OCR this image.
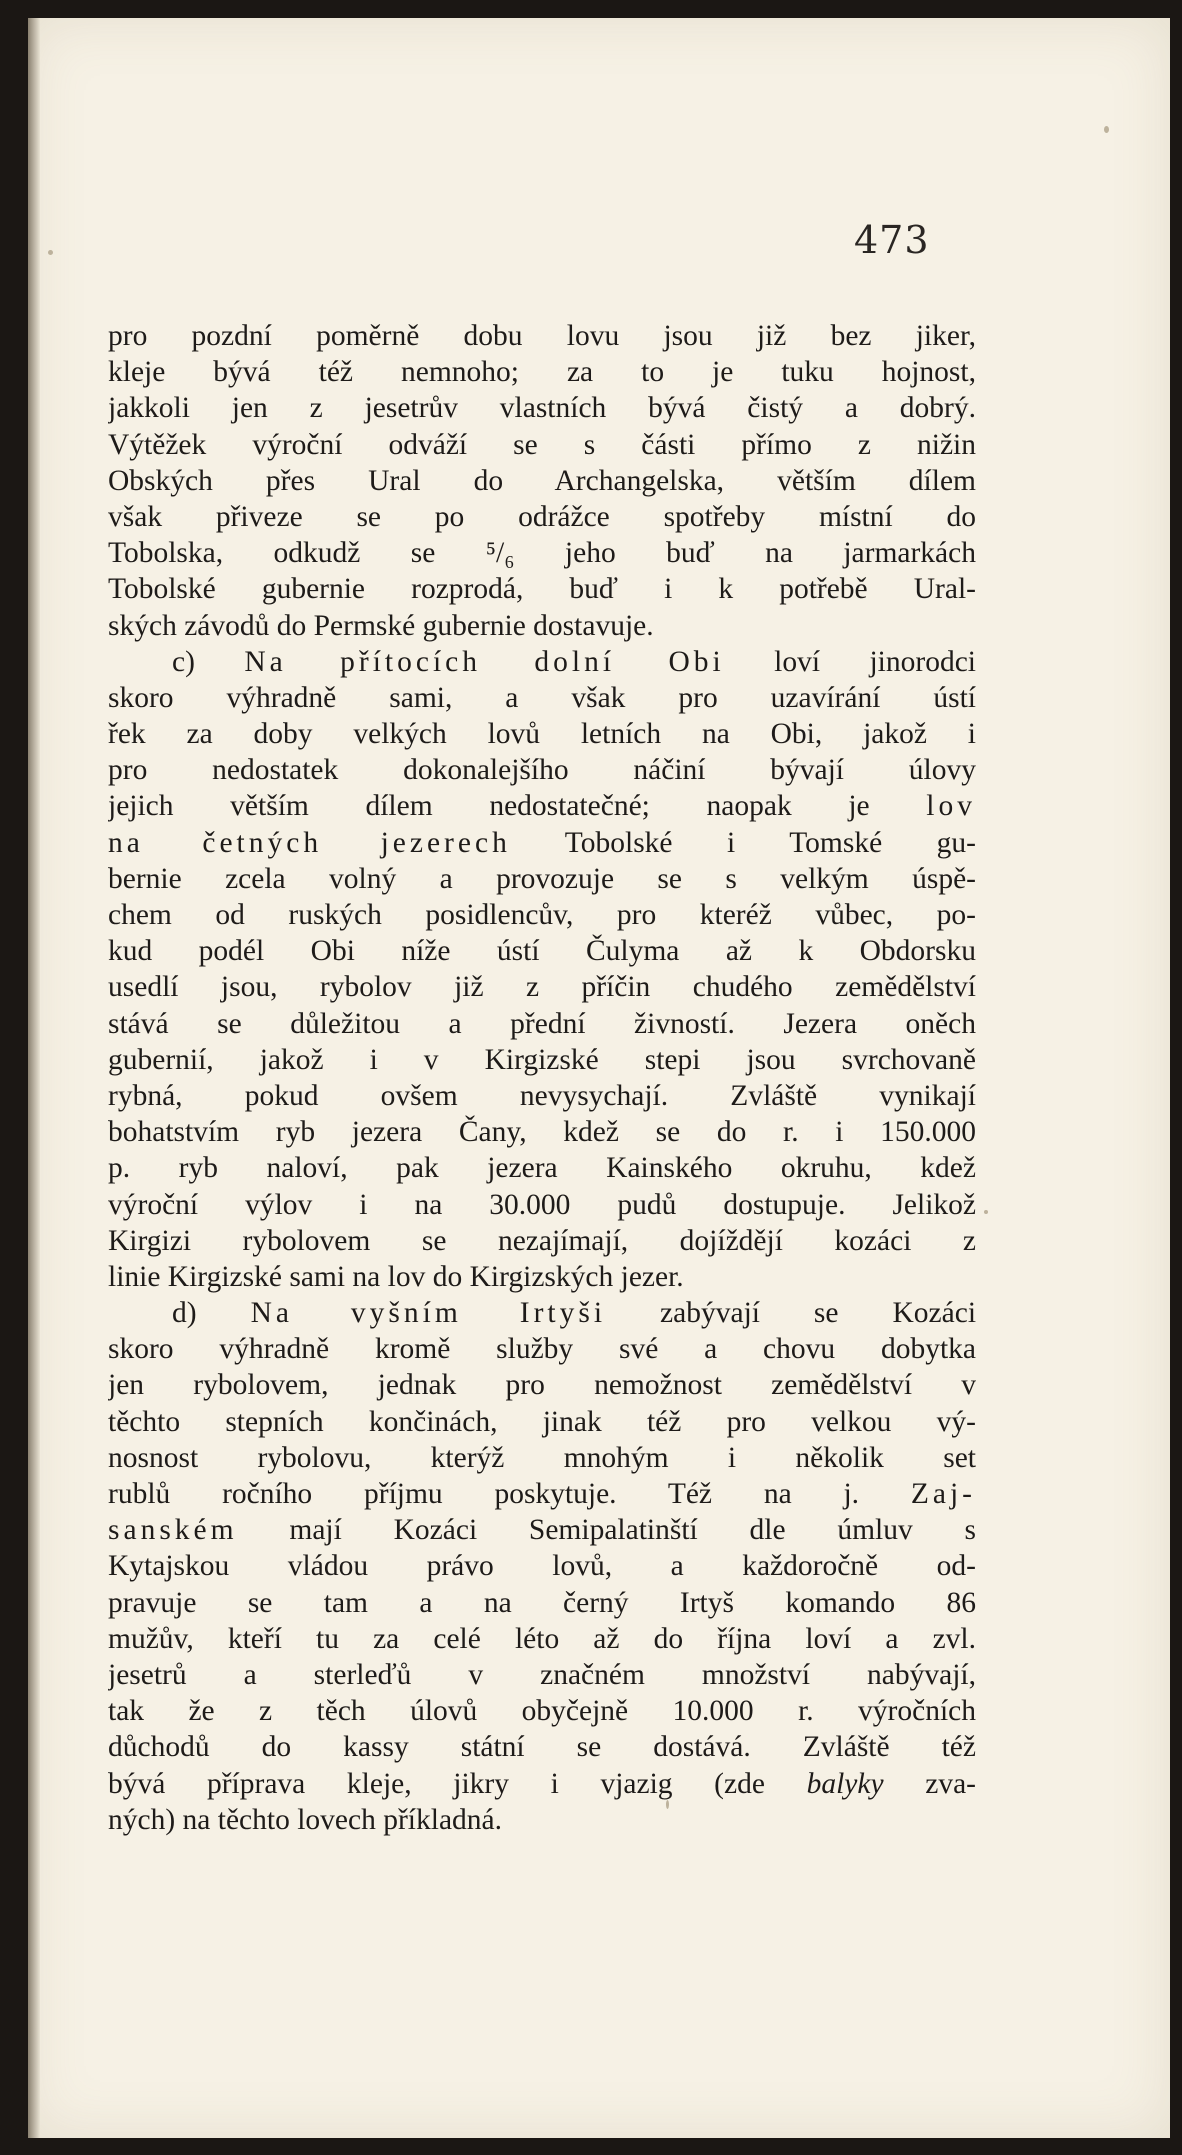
473
pro pozdní poměrně dobu lovu jsou již bez jiker,
kleje bývá též nemnoho; za to je tuku hojnost,
jakkoli jen z jesetrův vlastních bývá čistý a dobrý.
Výtěžek výroční odváží se s části přímo z nižin
Obských přes Ural do Archangelska, větším dílem
však přiveze se po odrážce spotřeby místní do
Tobolska, odkudž se ⁵/₆ jeho buď na jarmarkách
Tobolské gubernie rozprodá, buď i k potřebě Ural-
ských závodů do Permské gubernie dostavuje.
c) Na přítocích dolní Obi loví jinorodci
skoro výhradně sami, a však pro uzavírání ústí
řek za doby velkých lovů letních na Obi, jakož i
pro nedostatek dokonalejšího náčiní bývají úlovy
jejich větším dílem nedostatečné; naopak je lov
na četných jezerech Tobolské i Tomské gu-
bernie zcela volný a provozuje se s velkým úspě-
chem od ruských posidlencův, pro kteréž vůbec, po-
kud podél Obi níže ústí Čulyma až k Obdorsku
usedlí jsou, rybolov již z příčin chudého zemědělství
stává se důležitou a přední živností. Jezera oněch
gubernií, jakož i v Kirgizské stepi jsou svrchovaně
rybná, pokud ovšem nevysychají. Zvláště vynikají
bohatstvím ryb jezera Čany, kdež se do r. i 150.000
p. ryb naloví, pak jezera Kainského okruhu, kdež
výroční výlov i na 30.000 pudů dostupuje. Jelikož
Kirgizi rybolovem se nezajímají, dojíždějí kozáci z
linie Kirgizské sami na lov do Kirgizských jezer.
d) Na vyšním Irtyši zabývají se Kozáci
skoro výhradně kromě služby své a chovu dobytka
jen rybolovem, jednak pro nemožnost zemědělství v
těchto stepních končinách, jinak též pro velkou vý-
nosnost rybolovu, kterýž mnohým i několik set
rublů ročního příjmu poskytuje. Též na j. Zaj-
sanském mají Kozáci Semipalatinští dle úmluv s
Kytajskou vládou právo lovů, a každoročně od-
pravuje se tam a na černý Irtyš komando 86
mužův, kteří tu za celé léto až do října loví a zvl.
jesetrů a sterleďů v značném množství nabývají,
tak že z těch úlovů obyčejně 10.000 r. výročních
důchodů do kassy státní se dostává. Zvláště též
bývá příprava kleje, jikry i vjazig (zde balyky zva-
ných) na těchto lovech příkladná.
